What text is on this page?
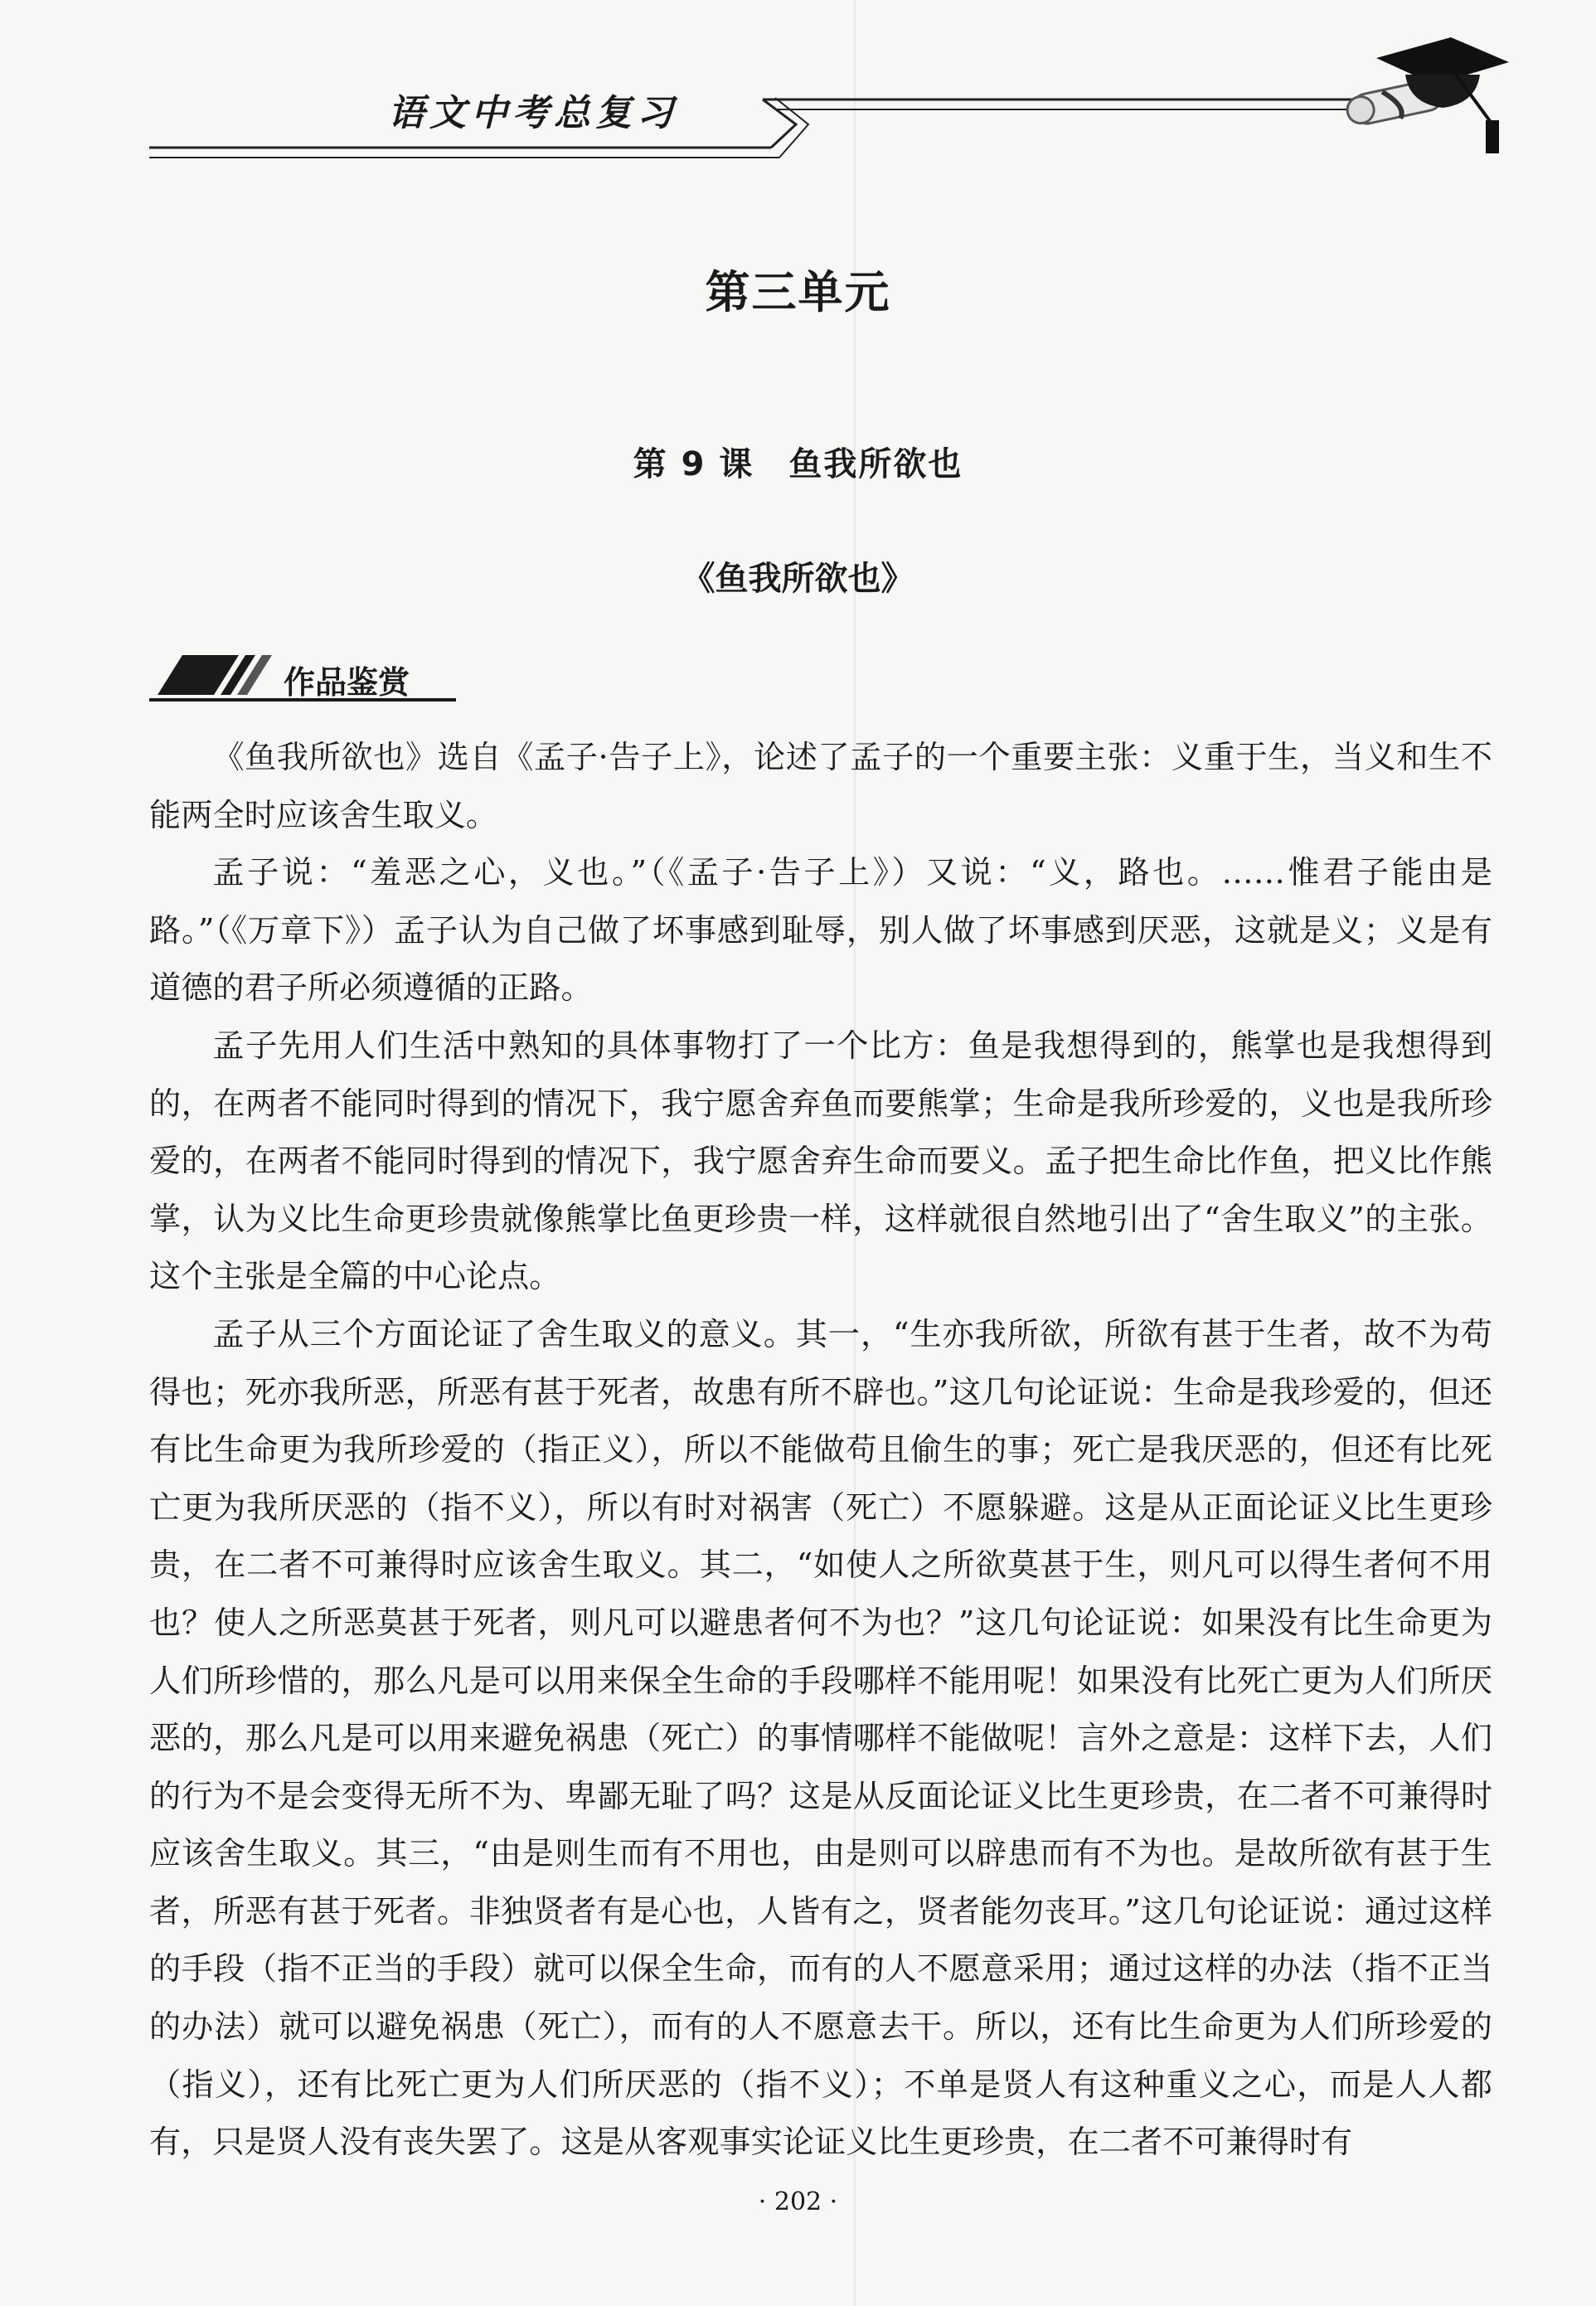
语文中考总复习
第三单元
第 9 课　鱼我所欲也
《鱼我所欲也》
作品鉴赏

《鱼我所欲也》选自《孟子·告子上》，论述了孟子的一个重要主张：义重于生，当义和生不能两全时应该舍生取义。

孟子说：“羞恶之心，义也。”（《孟子·告子上》）又说：“义，路也。……惟君子能由是路。”（《万章下》）孟子认为自己做了坏事感到耻辱，别人做了坏事感到厌恶，这就是义；义是有道德的君子所必须遵循的正路。

孟子先用人们生活中熟知的具体事物打了一个比方：鱼是我想得到的，熊掌也是我想得到的，在两者不能同时得到的情况下，我宁愿舍弃鱼而要熊掌；生命是我所珍爱的，义也是我所珍爱的，在两者不能同时得到的情况下，我宁愿舍弃生命而要义。孟子把生命比作鱼，把义比作熊掌，认为义比生命更珍贵就像熊掌比鱼更珍贵一样，这样就很自然地引出了“舍生取义”的主张。这个主张是全篇的中心论点。

孟子从三个方面论证了舍生取义的意义。其一，“生亦我所欲，所欲有甚于生者，故不为苟得也；死亦我所恶，所恶有甚于死者，故患有所不辟也。”这几句论证说：生命是我珍爱的，但还有比生命更为我所珍爱的（指正义），所以不能做苟且偷生的事；死亡是我厌恶的，但还有比死亡更为我所厌恶的（指不义），所以有时对祸害（死亡）不愿躲避。这是从正面论证义比生更珍贵，在二者不可兼得时应该舍生取义。其二，“如使人之所欲莫甚于生，则凡可以得生者何不用也？使人之所恶莫甚于死者，则凡可以避患者何不为也？”这几句论证说：如果没有比生命更为人们所珍惜的，那么凡是可以用来保全生命的手段哪样不能用呢！如果没有比死亡更为人们所厌恶的，那么凡是可以用来避免祸患（死亡）的事情哪样不能做呢！言外之意是：这样下去，人们的行为不是会变得无所不为、卑鄙无耻了吗？这是从反面论证义比生更珍贵，在二者不可兼得时应该舍生取义。其三，“由是则生而有不用也，由是则可以辟患而有不为也。是故所欲有甚于生者，所恶有甚于死者。非独贤者有是心也，人皆有之，贤者能勿丧耳。”这几句论证说：通过这样的手段（指不正当的手段）就可以保全生命，而有的人不愿意采用；通过这样的办法（指不正当的办法）就可以避免祸患（死亡），而有的人不愿意去干。所以，还有比生命更为人们所珍爱的（指义），还有比死亡更为人们所厌恶的（指不义）；不单是贤人有这种重义之心，而是人人都有，只是贤人没有丧失罢了。这是从客观事实论证义比生更珍贵，在二者不可兼得时有

· 202 ·
